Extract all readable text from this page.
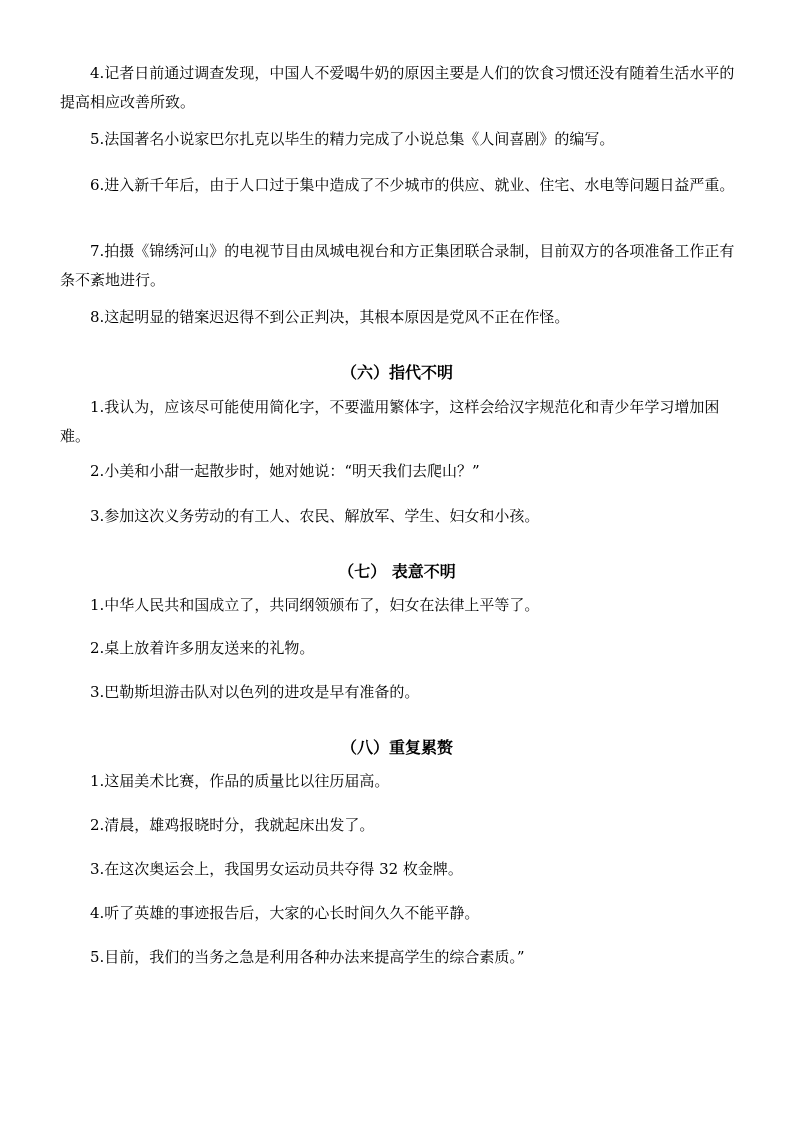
4.记者日前通过调查发现，中国人不爱喝牛奶的原因主要是人们的饮食习惯还没有随着生活水平的提高相应改善所致。

5.法国著名小说家巴尔扎克以毕生的精力完成了小说总集《人间喜剧》的编写。

6.进入新千年后，由于人口过于集中造成了不少城市的供应、就业、住宅、水电等问题日益严重。

7.拍摄《锦绣河山》的电视节目由凤城电视台和方正集团联合录制，目前双方的各项准备工作正有条不紊地进行。

8.这起明显的错案迟迟得不到公正判决，其根本原因是党风不正在作怪。

（六）指代不明

1.我认为，应该尽可能使用简化字，不要滥用繁体字，这样会给汉字规范化和青少年学习增加困难。

2.小美和小甜一起散步时，她对她说：“明天我们去爬山？”

3.参加这次义务劳动的有工人、农民、解放军、学生、妇女和小孩。

（七） 表意不明

1.中华人民共和国成立了，共同纲领颁布了，妇女在法律上平等了。

2.桌上放着许多朋友送来的礼物。

3.巴勒斯坦游击队对以色列的进攻是早有准备的。

（八）重复累赘

1.这届美术比赛，作品的质量比以往历届高。

2.清晨，雄鸡报晓时分，我就起床出发了。

3.在这次奥运会上，我国男女运动员共夺得 32 枚金牌。

4.听了英雄的事迹报告后，大家的心长时间久久不能平静。

5.目前，我们的当务之急是利用各种办法来提高学生的综合素质。”
